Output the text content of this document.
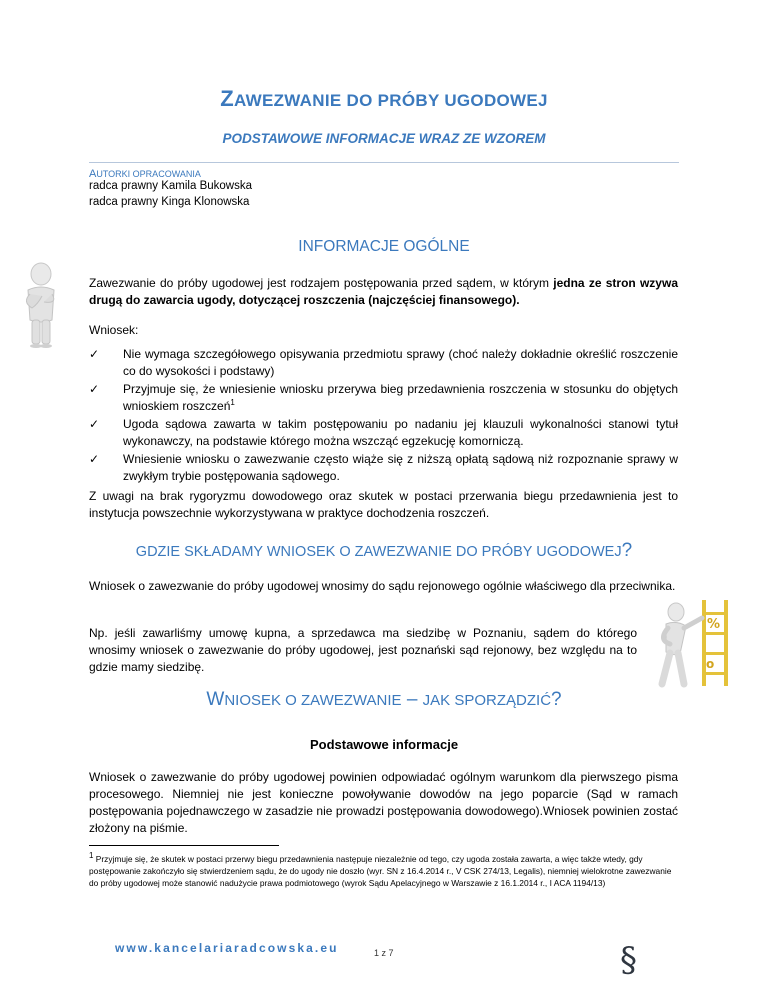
ZAWEZWANIE DO PRÓBY UGODOWEJ
PODSTAWOWE INFORMACJE WRAZ ZE WZOREM
AUTORKI OPRACOWANIA
radca prawny Kamila Bukowska
radca prawny Kinga Klonowska
INFORMACJE OGÓLNE
Zawezwanie do próby ugodowej jest rodzajem postępowania przed sądem, w którym jedna ze stron wzywa drugą do zawarcia ugody, dotyczącej roszczenia (najczęściej finansowego).
Wniosek:
✓ Nie wymaga szczegółowego opisywania przedmiotu sprawy (choć należy dokładnie określić roszczenie co do wysokości i podstawy)
✓ Przyjmuje się, że wniesienie wniosku przerywa bieg przedawnienia roszczenia w stosunku do objętych wnioskiem roszczeń$^1$
✓ Ugoda sądowa zawarta w takim postępowaniu po nadaniu jej klauzuli wykonalności stanowi tytuł wykonawczy, na podstawie którego można wszcząć egzekucję komorniczą.
✓ Wniesienie wniosku o zawezwanie często wiąże się z niższą opłatą sądową niż rozpoznanie sprawy w zwykłym trybie postępowania sądowego.
Z uwagi na brak rygoryzmu dowodowego oraz skutek w postaci przerwania biegu przedawnienia jest to instytucja powszechnie wykorzystywana w praktyce dochodzenia roszczeń.
GDZIE SKŁADAMY WNIOSEK O ZAWEZWANIE DO PRÓBY UGODOWEJ?
Wniosek o zawezwanie do próby ugodowej wnosimy do sądu rejonowego ogólnie właściwego dla przeciwnika.
Np. jeśli zawarliśmy umowę kupna, a sprzedawca ma siedzibę w Poznaniu, sądem do którego wnosimy wniosek o zawezwanie do próby ugodowej, jest poznański sąd rejonowy, bez względu na to gdzie mamy siedzibę.
%
o
WNIOSEK O ZAWEZWANIE – JAK SPORZĄDZIĆ?
Podstawowe informacje
Wniosek o zawezwanie do próby ugodowej powinien odpowiadać ogólnym warunkom dla pierwszego pisma procesowego. Niemniej nie jest konieczne powoływanie dowodów na jego poparcie (Sąd w ramach postępowania pojednawczego w zasadzie nie prowadzi postępowania dowodowego).Wniosek powinien zostać złożony na piśmie.
1 Przyjmuje się, że skutek w postaci przerwy biegu przedawnienia następuje niezależnie od tego, czy ugoda została zawarta, a więc także wtedy, gdy postępowanie zakończyło się stwierdzeniem sądu, że do ugody nie doszło (wyr. SN z 16.4.2014 r., V CSK 274/13, Legalis), niemniej wielokrotne zawezwanie do próby ugodowej może stanowić nadużycie prawa podmiotowego (wyrok Sądu Apelacyjnego w Warszawie z 16.1.2014 r., I ACA 1194/13)
www.kancelariaradcowska.eu	1 z 7	§
